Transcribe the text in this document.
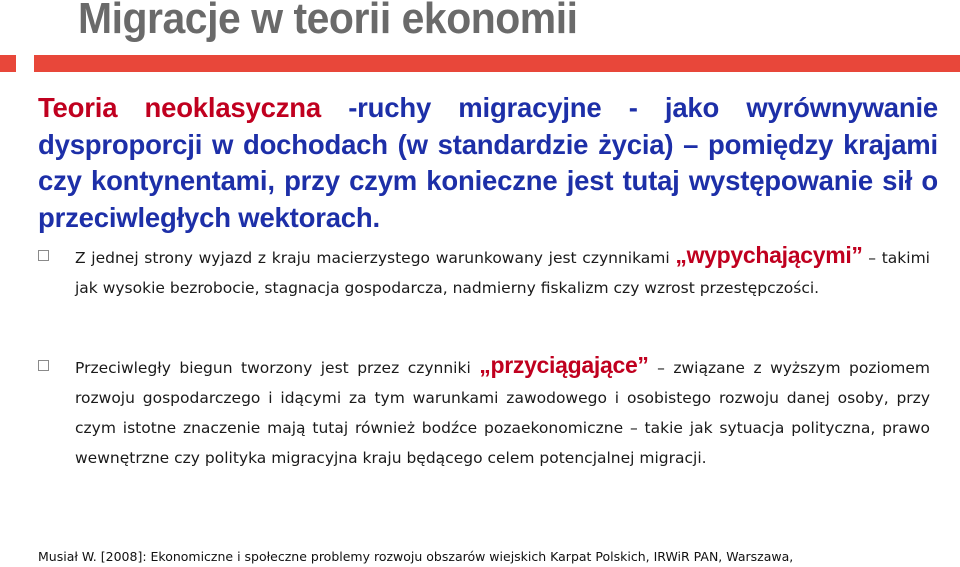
Migracje w teorii ekonomii
Teoria neoklasyczna -ruchy migracyjne - jako wyrównywanie dysproporcji w dochodach (w standardzie życia) – pomiędzy krajami czy kontynentami, przy czym konieczne jest tutaj występowanie sił o przeciwległych wektorach.
Z jednej strony wyjazd z kraju macierzystego warunkowany jest czynnikami „wypychającymi” – takimi jak wysokie bezrobocie, stagnacja gospodarcza, nadmierny fiskalizm czy wzrost przestępczości.
Przeciwległy biegun tworzony jest przez czynniki „przyciągające” – związane z wyższym poziomem rozwoju gospodarczego i idącymi za tym warunkami zawodowego i osobistego rozwoju danej osoby, przy czym istotne znaczenie mają tutaj również bodźce pozaekonomiczne – takie jak sytuacja polityczna, prawo wewnętrzne czy polityka migracyjna kraju będącego celem potencjalnej migracji.
Musiał W. [2008]: Ekonomiczne i społeczne problemy rozwoju obszarów wiejskich Karpat Polskich, IRWiR PAN, Warszawa,
